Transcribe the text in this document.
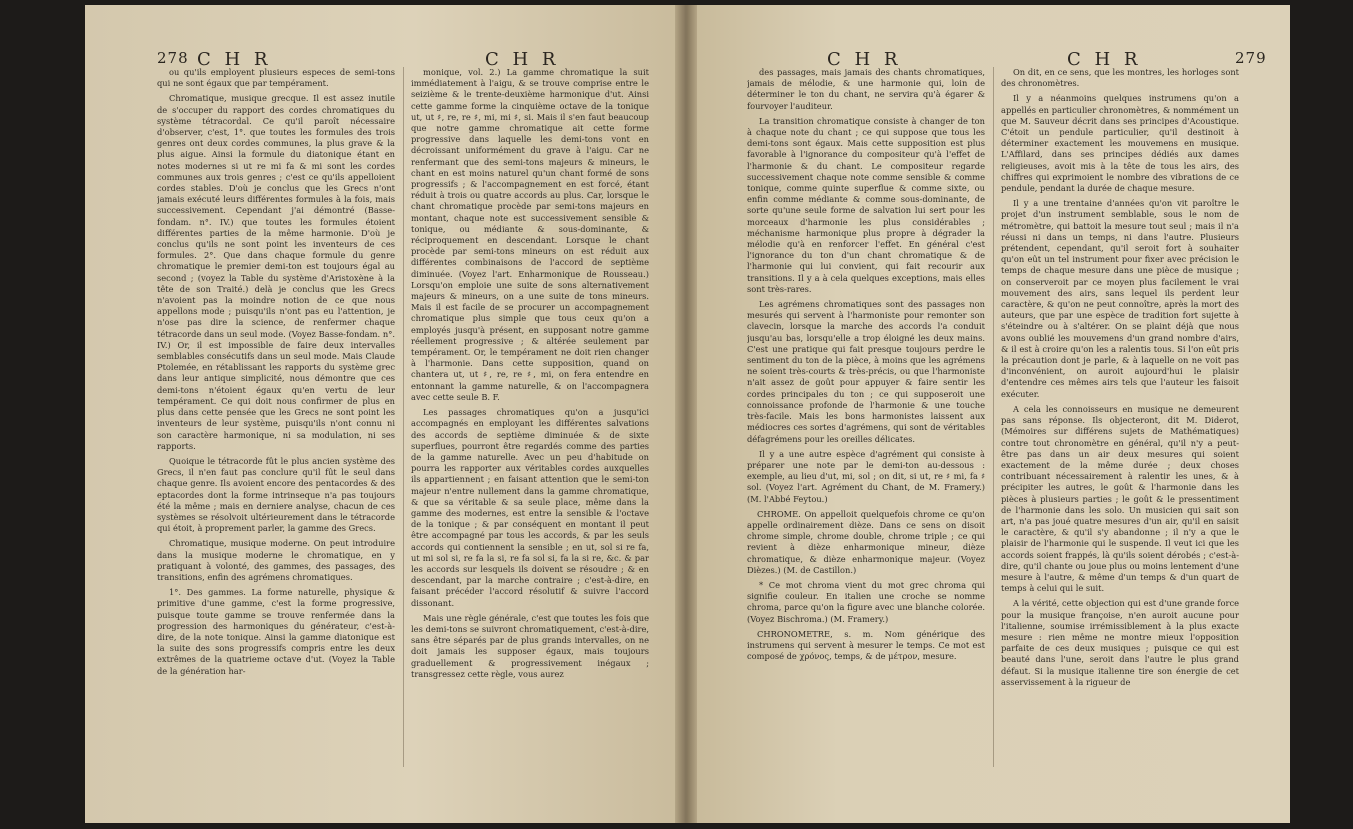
278 C H R	C H R

ou qu'ils employent plusieurs especes de semi-tons qui ne sont égaux que par tempérament.

Chromatique, musique grecque. Il est assez inutile de s'occuper du rapport des cordes chromatiques du système tétracordal. Ce qu'il paroît nécessaire d'observer, c'est, 1°. que toutes les formules des trois genres ont deux cordes communes, la plus grave & la plus aigue. Ainsi la formule du diatonique étant en notes modernes si ut re mi fa & mi sont les cordes communes aux trois genres ; c'est ce qu'ils appelloient cordes stables. D'où je conclus que les Grecs n'ont jamais exécuté leurs différentes formules à la fois, mais successivement. Cependant j'ai démontré (Basse-fondam. n°. IV.) que toutes les formules étoient différentes parties de la même harmonie. D'où je conclus qu'ils ne sont point les inventeurs de ces formules. 2°. Que dans chaque formule du genre chromatique le premier demi-ton est toujours égal au second ; (voyez la Table du système d'Aristoxène à la tête de son Traité.) delà je conclus que les Grecs n'avoient pas la moindre notion de ce que nous appellons mode ; puisqu'ils n'ont pas eu l'attention, je n'ose pas dire la science, de renfermer chaque tétracorde dans un seul mode. (Voyez Basse-fondam. n°. IV.) Or, il est impossible de faire deux intervalles semblables consécutifs dans un seul mode. Mais Claude Ptolemée, en rétablissant les rapports du système grec dans leur antique simplicité, nous démontre que ces demi-tons n'étoient égaux qu'en vertu de leur tempérament. Ce qui doit nous confirmer de plus en plus dans cette pensée que les Grecs ne sont point les inventeurs de leur système, puisqu'ils n'ont connu ni son caractère harmonique, ni sa modulation, ni ses rapports.

Quoique le tétracorde fût le plus ancien système des Grecs, il n'en faut pas conclure qu'il fût le seul dans chaque genre. Ils avoient encore des pentacordes & des eptacordes dont la forme intrinseque n'a pas toujours été la même ; mais en derniere analyse, chacun de ces systèmes se résolvoit ultérieurement dans le tétracorde qui étoit, à proprement parler, la gamme des Grecs.

Chromatique, musique moderne. On peut introduire dans la musique moderne le chromatique, en y pratiquant à volonté, des gammes, des passages, des transitions, enfin des agrémens chromatiques.

1°. Des gammes. La forme naturelle, physique & primitive d'une gamme, c'est la forme progressive, puisque toute gamme se trouve renfermée dans la progression des harmoniques du générateur, c'est-à-dire, de la note tonique. Ainsi la gamme diatonique est la suite des sons progressifs compris entre les deux extrêmes de la quatrieme octave d'ut. (Voyez la Table de la génération har-

monique, vol. 2.) La gamme chromatique la suit immédiatement à l'aigu, & se trouve comprise entre le seizième & le trente-deuxième harmonique d'ut. Ainsi cette gamme forme la cinquième octave de la tonique ut, ut ♯, re, re ♯, mi, mi ♯, si. Mais il s'en faut beaucoup que notre gamme chromatique ait cette forme progressive dans laquelle les demi-tons vont en décroissant uniformément du grave à l'aigu. Car ne renfermant que des semi-tons majeurs & mineurs, le chant en est moins naturel qu'un chant formé de sons progressifs ; & l'accompagnement en est forcé, étant réduit à trois ou quatre accords au plus. Car, lorsque le chant chromatique procède par semi-tons majeurs en montant, chaque note est successivement sensible & tonique, ou médiante & sous-dominante, & réciproquement en descendant. Lorsque le chant procède par semi-tons mineurs on est réduit aux différentes combinaisons de l'accord de septième diminuée. (Voyez l'art. Enharmonique de Rousseau.) Lorsqu'on emploie une suite de sons alternativement majeurs & mineurs, on a une suite de tons mineurs. Mais il est facile de se procurer un accompagnement chromatique plus simple que tous ceux qu'on a employés jusqu'à présent, en supposant notre gamme réellement progressive ; & altérée seulement par tempérament. Or, le tempérament ne doit rien changer à l'harmonie. Dans cette supposition, quand on chantera ut, ut ♯, re, re ♯, mi, on fera entendre en entonnant la gamme naturelle, & on l'accompagnera avec cette seule B. F.

Les passages chromatiques qu'on a jusqu'ici accompagnés en employant les différentes salvations des accords de septième diminuée & de sixte superflues, pourront être regardés comme des parties de la gamme naturelle. Avec un peu d'habitude on pourra les rapporter aux véritables cordes auxquelles ils appartiennent ; en faisant attention que le semi-ton majeur n'entre nullement dans la gamme chromatique, & que sa véritable & sa seule place, même dans la gamme des modernes, est entre la sensible & l'octave de la tonique ; & par conséquent en montant il peut être accompagné par tous les accords, & par les seuls accords qui contiennent la sensible ; en ut, sol si re fa, ut mi sol si, re fa la si, re fa sol si, fa la si re, &c. & par les accords sur lesquels ils doivent se résoudre ; & en descendant, par la marche contraire ; c'est-à-dire, en faisant précéder l'accord résolutif & suivre l'accord dissonant.

Mais une règle générale, c'est que toutes les fois que les demi-tons se suivront chromatiquement, c'est-à-dire, sans être séparés par de plus grands intervalles, on ne doit jamais les supposer égaux, mais toujours graduellement & progressivement inégaux ; transgressez cette règle, vous aurez

C H R	C H R	279

des passages, mais jamais des chants chromatiques, jamais de mélodie, & une harmonie qui, loin de déterminer le ton du chant, ne servira qu'à égarer & fourvoyer l'auditeur.

La transition chromatique consiste à changer de ton à chaque note du chant ; ce qui suppose que tous les demi-tons sont égaux. Mais cette supposition est plus favorable à l'ignorance du compositeur qu'à l'effet de l'harmonie & du chant. Le compositeur regarde successivement chaque note comme sensible & comme tonique, comme quinte superflue & comme sixte, ou enfin comme médiante & comme sous-dominante, de sorte qu'une seule forme de salvation lui sert pour les morceaux d'harmonie les plus considérables ; méchanisme harmonique plus propre à dégrader la mélodie qu'à en renforcer l'effet. En général c'est l'ignorance du ton d'un chant chromatique & de l'harmonie qui lui convient, qui fait recourir aux transitions. Il y a à cela quelques exceptions, mais elles sont très-rares.

Les agrémens chromatiques sont des passages non mesurés qui servent à l'harmoniste pour remonter son clavecin, lorsque la marche des accords l'a conduit jusqu'au bas, lorsqu'elle a trop éloigné les deux mains. C'est une pratique qui fait presque toujours perdre le sentiment du ton de la pièce, à moins que les agrémens ne soient très-courts & très-précis, ou que l'harmoniste n'ait assez de goût pour appuyer & faire sentir les cordes principales du ton ; ce qui supposeroit une connoissance profonde de l'harmonie & une touche très-facile. Mais les bons harmonistes laissent aux médiocres ces sortes d'agrémens, qui sont de véritables défagrémens pour les oreilles délicates.

Il y a une autre espèce d'agrément qui consiste à préparer une note par le demi-ton au-dessous : exemple, au lieu d'ut, mi, sol ; on dit, si ut, re ♯ mi, fa ♯ sol. (Voyez l'art. Agrément du Chant, de M. Framery.) (M. l'Abbé Feytou.)

CHROME. On appelloit quelquefois chrome ce qu'on appelle ordinairement dièze. Dans ce sens on disoit chrome simple, chrome double, chrome triple ; ce qui revient à dièze enharmonique mineur, dièze chromatique, & dièze enharmonique majeur. (Voyez Dièzes.) (M. de Castillon.)

* Ce mot chroma vient du mot grec chroma qui signifie couleur. En italien une croche se nomme chroma, parce qu'on la figure avec une blanche colorée. (Voyez Bischroma.) (M. Framery.)

CHRONOMETRE, s. m. Nom générique des instrumens qui servent à mesurer le temps. Ce mot est composé de χρόνος, temps, & de μέτρον, mesure.

On dit, en ce sens, que les montres, les horloges sont des chronomètres.

Il y a néanmoins quelques instrumens qu'on a appellés en particulier chronomètres, & nommément un que M. Sauveur décrit dans ses principes d'Acoustique. C'étoit un pendule particulier, qu'il destinoit à déterminer exactement les mouvemens en musique. L'Affilard, dans ses principes dédiés aux dames religieuses, avoit mis à la tête de tous les airs, des chiffres qui exprimoient le nombre des vibrations de ce pendule, pendant la durée de chaque mesure.

Il y a une trentaine d'années qu'on vit paroître le projet d'un instrument semblable, sous le nom de métromètre, qui battoit la mesure tout seul ; mais il n'a réussi ni dans un temps, ni dans l'autre. Plusieurs prétendent, cependant, qu'il seroit fort à souhaiter qu'on eût un tel instrument pour fixer avec précision le temps de chaque mesure dans une pièce de musique ; on conserveroit par ce moyen plus facilement le vrai mouvement des airs, sans lequel ils perdent leur caractère, & qu'on ne peut connoître, après la mort des auteurs, que par une espèce de tradition fort sujette à s'éteindre ou à s'altérer. On se plaint déjà que nous avons oublié les mouvemens d'un grand nombre d'airs, & il est à croire qu'on les a ralentis tous. Si l'on eût pris la précaution dont je parle, & à laquelle on ne voit pas d'inconvénient, on auroit aujourd'hui le plaisir d'entendre ces mêmes airs tels que l'auteur les faisoit exécuter.

A cela les connoisseurs en musique ne demeurent pas sans réponse. Ils objecteront, dit M. Diderot, (Mémoires sur différens sujets de Mathématiques) contre tout chronomètre en général, qu'il n'y a peut-être pas dans un air deux mesures qui soient exactement de la même durée ; deux choses contribuant nécessairement à ralentir les unes, & à précipiter les autres, le goût & l'harmonie dans les pièces à plusieurs parties ; le goût & le pressentiment de l'harmonie dans les solo. Un musicien qui sait son art, n'a pas joué quatre mesures d'un air, qu'il en saisit le caractère, & qu'il s'y abandonne ; il n'y a que le plaisir de l'harmonie qui le suspende. Il veut ici que les accords soient frappés, là qu'ils soient dérobés ; c'est-à-dire, qu'il chante ou joue plus ou moins lentement d'une mesure à l'autre, & même d'un temps & d'un quart de temps à celui qui le suit.

A la vérité, cette objection qui est d'une grande force pour la musique françoise, n'en auroit aucune pour l'italienne, soumise irrémissiblement à la plus exacte mesure : rien même ne montre mieux l'opposition parfaite de ces deux musiques ; puisque ce qui est beauté dans l'une, seroit dans l'autre le plus grand défaut. Si la musique italienne tire son énergie de cet asservissement à la rigueur de
